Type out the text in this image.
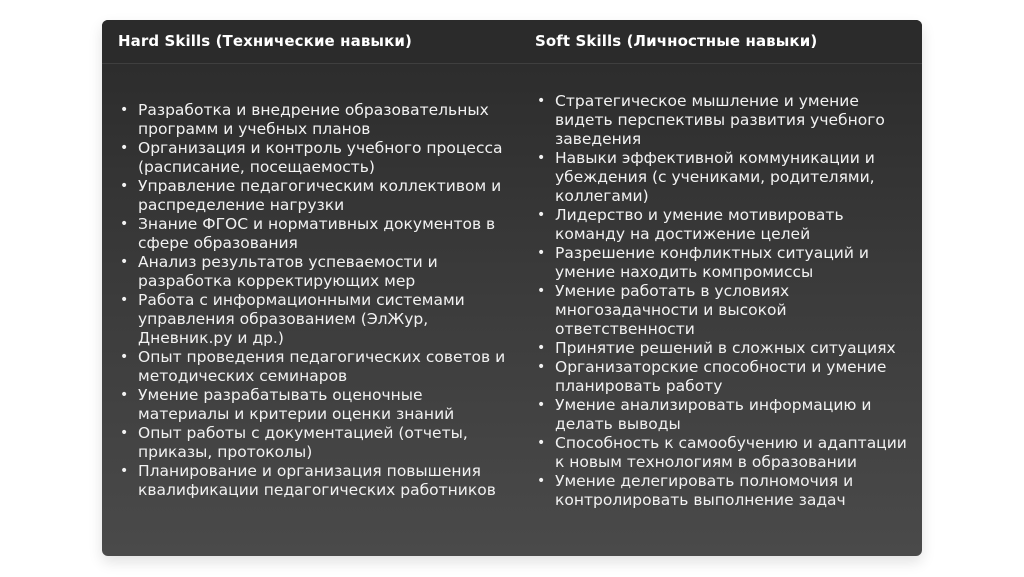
Hard Skills (Технические навыки)	Soft Skills (Личностные навыки)
• Разработка и внедрение образовательных программ и учебных планов
• Организация и контроль учебного процесса (расписание, посещаемость)
• Управление педагогическим коллективом и распределение нагрузки
• Знание ФГОС и нормативных документов в сфере образования
• Анализ результатов успеваемости и разработка корректирующих мер
• Работа с информационными системами управления образованием (ЭлЖур, Дневник.ру и др.)
• Опыт проведения педагогических советов и методических семинаров
• Умение разрабатывать оценочные материалы и критерии оценки знаний
• Опыт работы с документацией (отчеты, приказы, протоколы)
• Планирование и организация повышения квалификации педагогических работников
• Стратегическое мышление и умение видеть перспективы развития учебного заведения
• Навыки эффективной коммуникации и убеждения (с учениками, родителями, коллегами)
• Лидерство и умение мотивировать команду на достижение целей
• Разрешение конфликтных ситуаций и умение находить компромиссы
• Умение работать в условиях многозадачности и высокой ответственности
• Принятие решений в сложных ситуациях
• Организаторские способности и умение планировать работу
• Умение анализировать информацию и делать выводы
• Способность к самообучению и адаптации к новым технологиям в образовании
• Умение делегировать полномочия и контролировать выполнение задач
